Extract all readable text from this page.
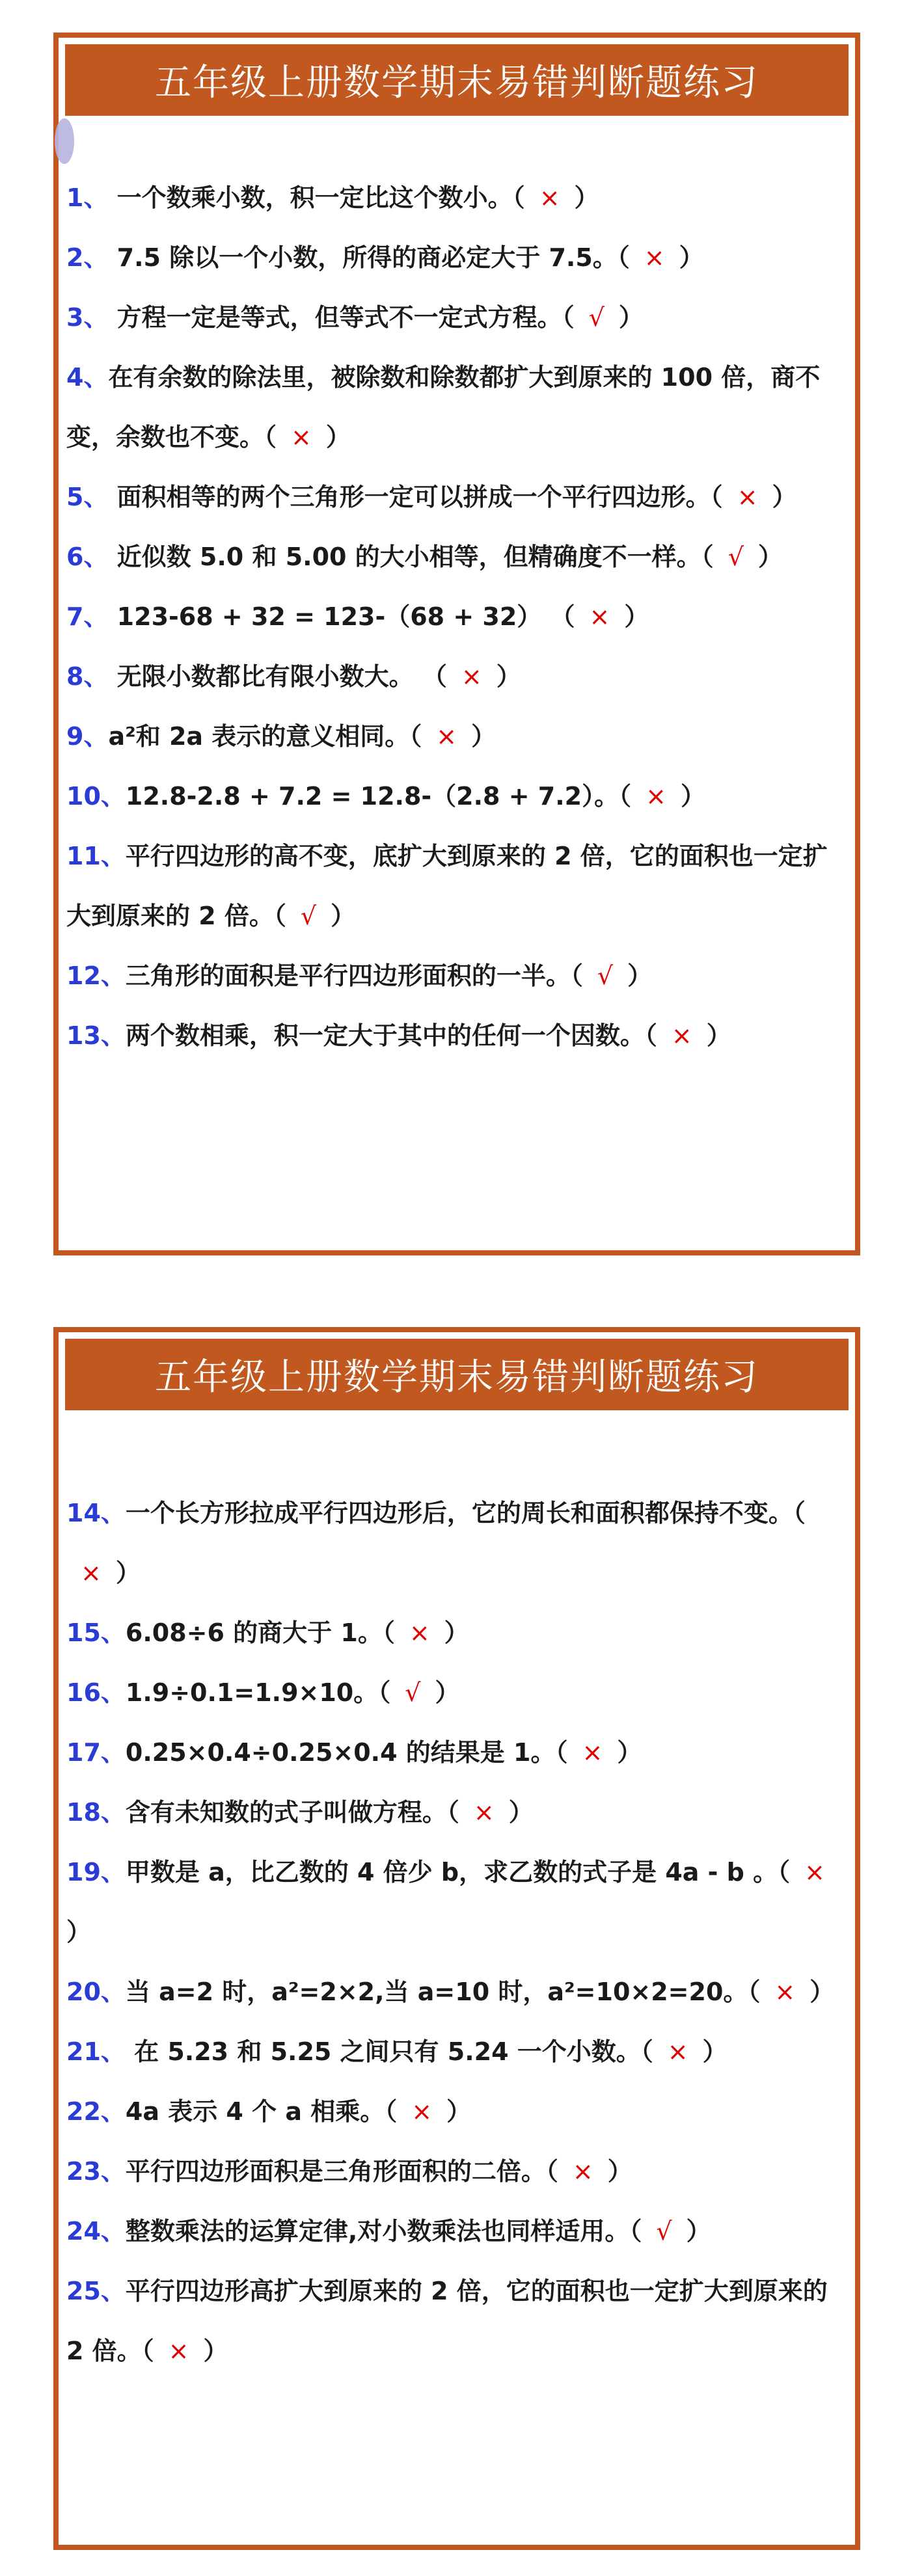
五年级上册数学期末易错判断题练习
1、 一个数乘小数，积一定比这个数小。（ × ）
2、 7.5 除以一个小数，所得的商必定大于 7.5。（ × ）
3、 方程一定是等式，但等式不一定式方程。（ √ ）
4、在有余数的除法里，被除数和除数都扩大到原来的 100 倍，商不变，余数也不变。（ × ）
5、 面积相等的两个三角形一定可以拼成一个平行四边形。（ × ）
6、 近似数 5.0 和 5.00 的大小相等，但精确度不一样。（ √ ）
7、 123-68 + 32 = 123-（68 + 32） （ × ）
8、 无限小数都比有限小数大。 （ × ）
9、a²和 2a 表示的意义相同。（ × ）
10、12.8-2.8 + 7.2 = 12.8-（2.8 + 7.2）。（ × ）
11、平行四边形的高不变，底扩大到原来的 2 倍，它的面积也一定扩大到原来的 2 倍。（ √ ）
12、三角形的面积是平行四边形面积的一半。（ √ ）
13、两个数相乘，积一定大于其中的任何一个因数。（ × ）
五年级上册数学期末易错判断题练习
14、一个长方形拉成平行四边形后，它的周长和面积都保持不变。（× ）
15、6.08÷6 的商大于 1。（ × ）
16、1.9÷0.1=1.9×10。（ √ ）
17、0.25×0.4÷0.25×0.4 的结果是 1。（ × ）
18、含有未知数的式子叫做方程。（ × ）
19、甲数是 a，比乙数的 4 倍少 b，求乙数的式子是 4a - b 。（ ×）
20、当 a=2 时，a²=2×2,当 a=10 时，a²=10×2=20。（ × ）
21、 在 5.23 和 5.25 之间只有 5.24 一个小数。（ × ）
22、4a 表示 4 个 a 相乘。（ × ）
23、平行四边形面积是三角形面积的二倍。（ × ）
24、整数乘法的运算定律,对小数乘法也同样适用。（ √ ）
25、平行四边形高扩大到原来的 2 倍，它的面积也一定扩大到原来的 2 倍。（ × ）
